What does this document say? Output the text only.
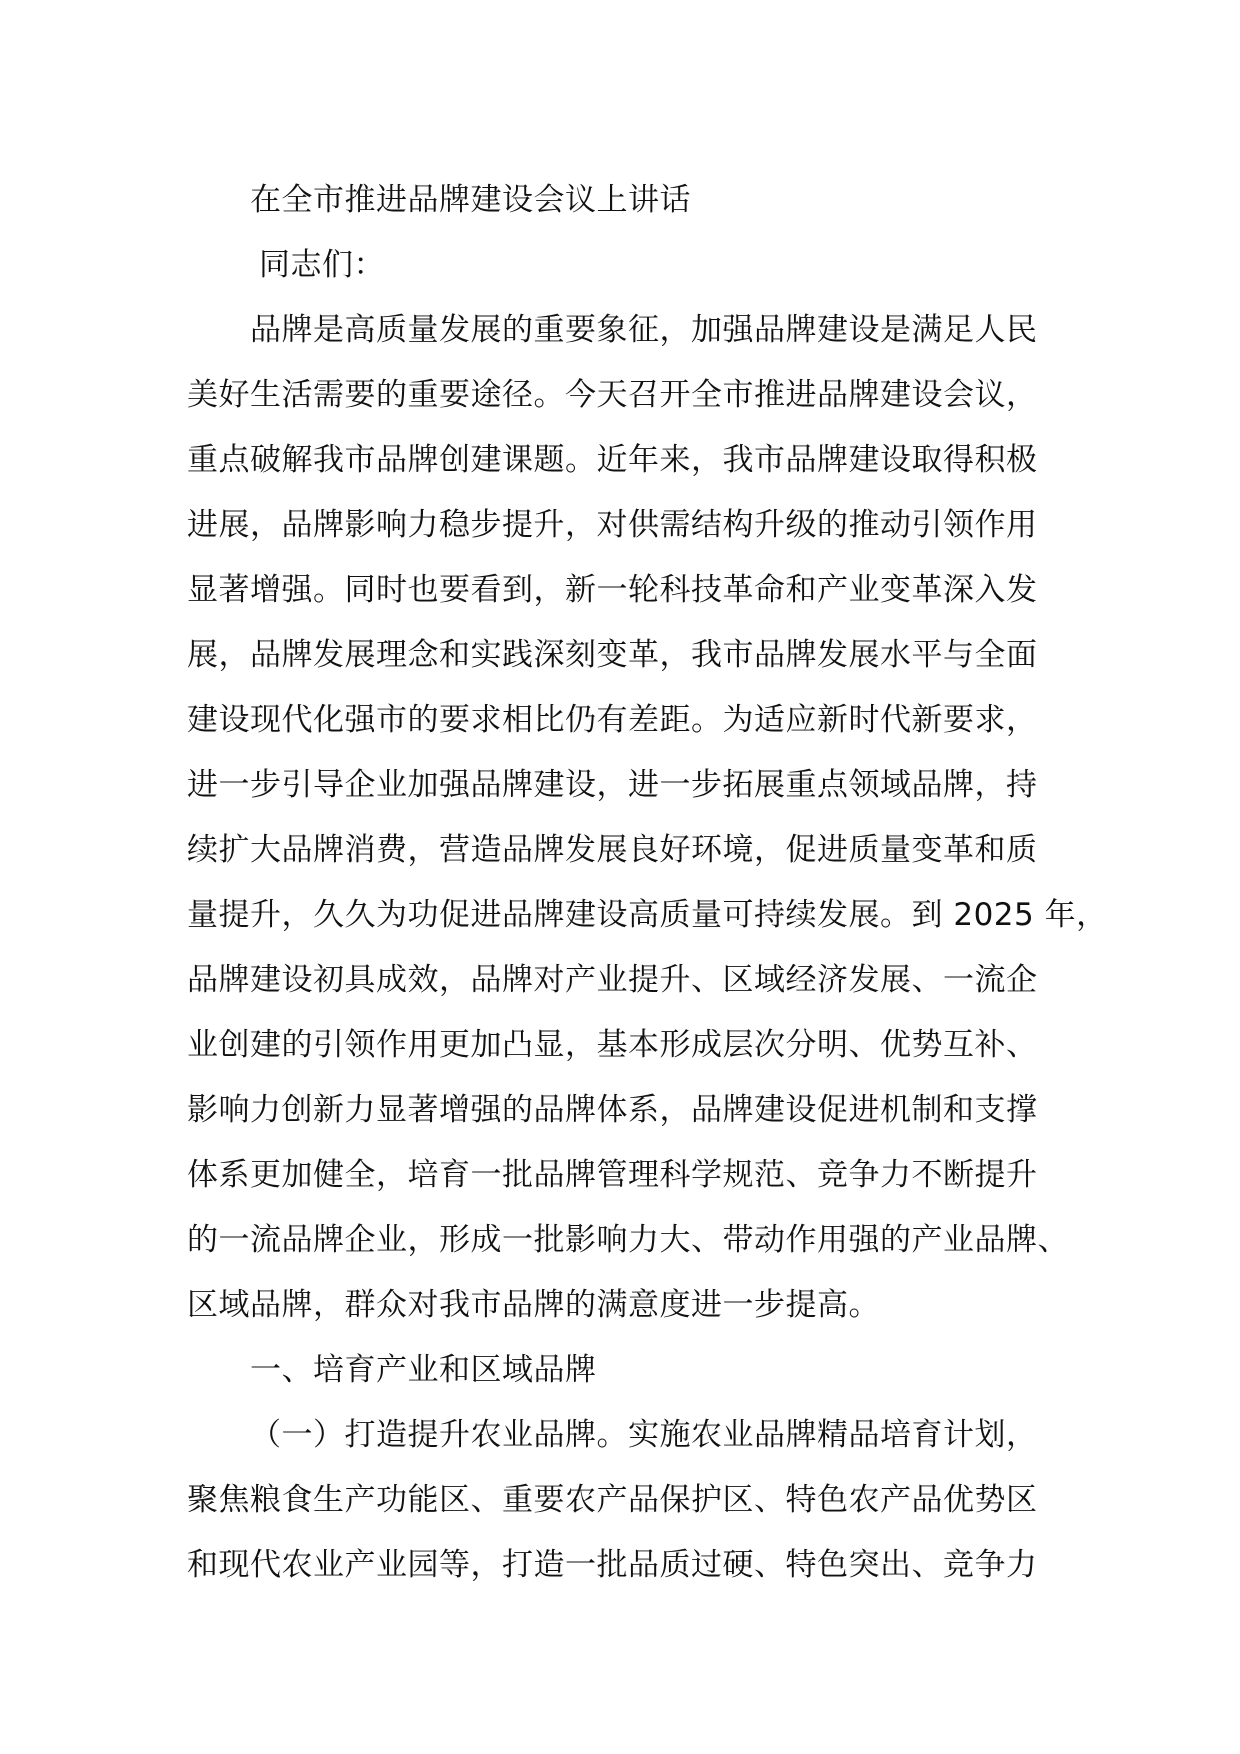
在全市推进品牌建设会议上讲话
同志们：
品牌是高质量发展的重要象征，加强品牌建设是满足人民
美好生活需要的重要途径。今天召开全市推进品牌建设会议，
重点破解我市品牌创建课题。近年来，我市品牌建设取得积极
进展，品牌影响力稳步提升，对供需结构升级的推动引领作用
显著增强。同时也要看到，新一轮科技革命和产业变革深入发
展，品牌发展理念和实践深刻变革，我市品牌发展水平与全面
建设现代化强市的要求相比仍有差距。为适应新时代新要求，
进一步引导企业加强品牌建设，进一步拓展重点领域品牌，持
续扩大品牌消费，营造品牌发展良好环境，促进质量变革和质
量提升，久久为功促进品牌建设高质量可持续发展。到 2025 年，
品牌建设初具成效，品牌对产业提升、区域经济发展、一流企
业创建的引领作用更加凸显，基本形成层次分明、优势互补、
影响力创新力显著增强的品牌体系，品牌建设促进机制和支撑
体系更加健全，培育一批品牌管理科学规范、竞争力不断提升
的一流品牌企业，形成一批影响力大、带动作用强的产业品牌、
区域品牌，群众对我市品牌的满意度进一步提高。
一、培育产业和区域品牌
（一）打造提升农业品牌。实施农业品牌精品培育计划，
聚焦粮食生产功能区、重要农产品保护区、特色农产品优势区
和现代农业产业园等，打造一批品质过硬、特色突出、竞争力
